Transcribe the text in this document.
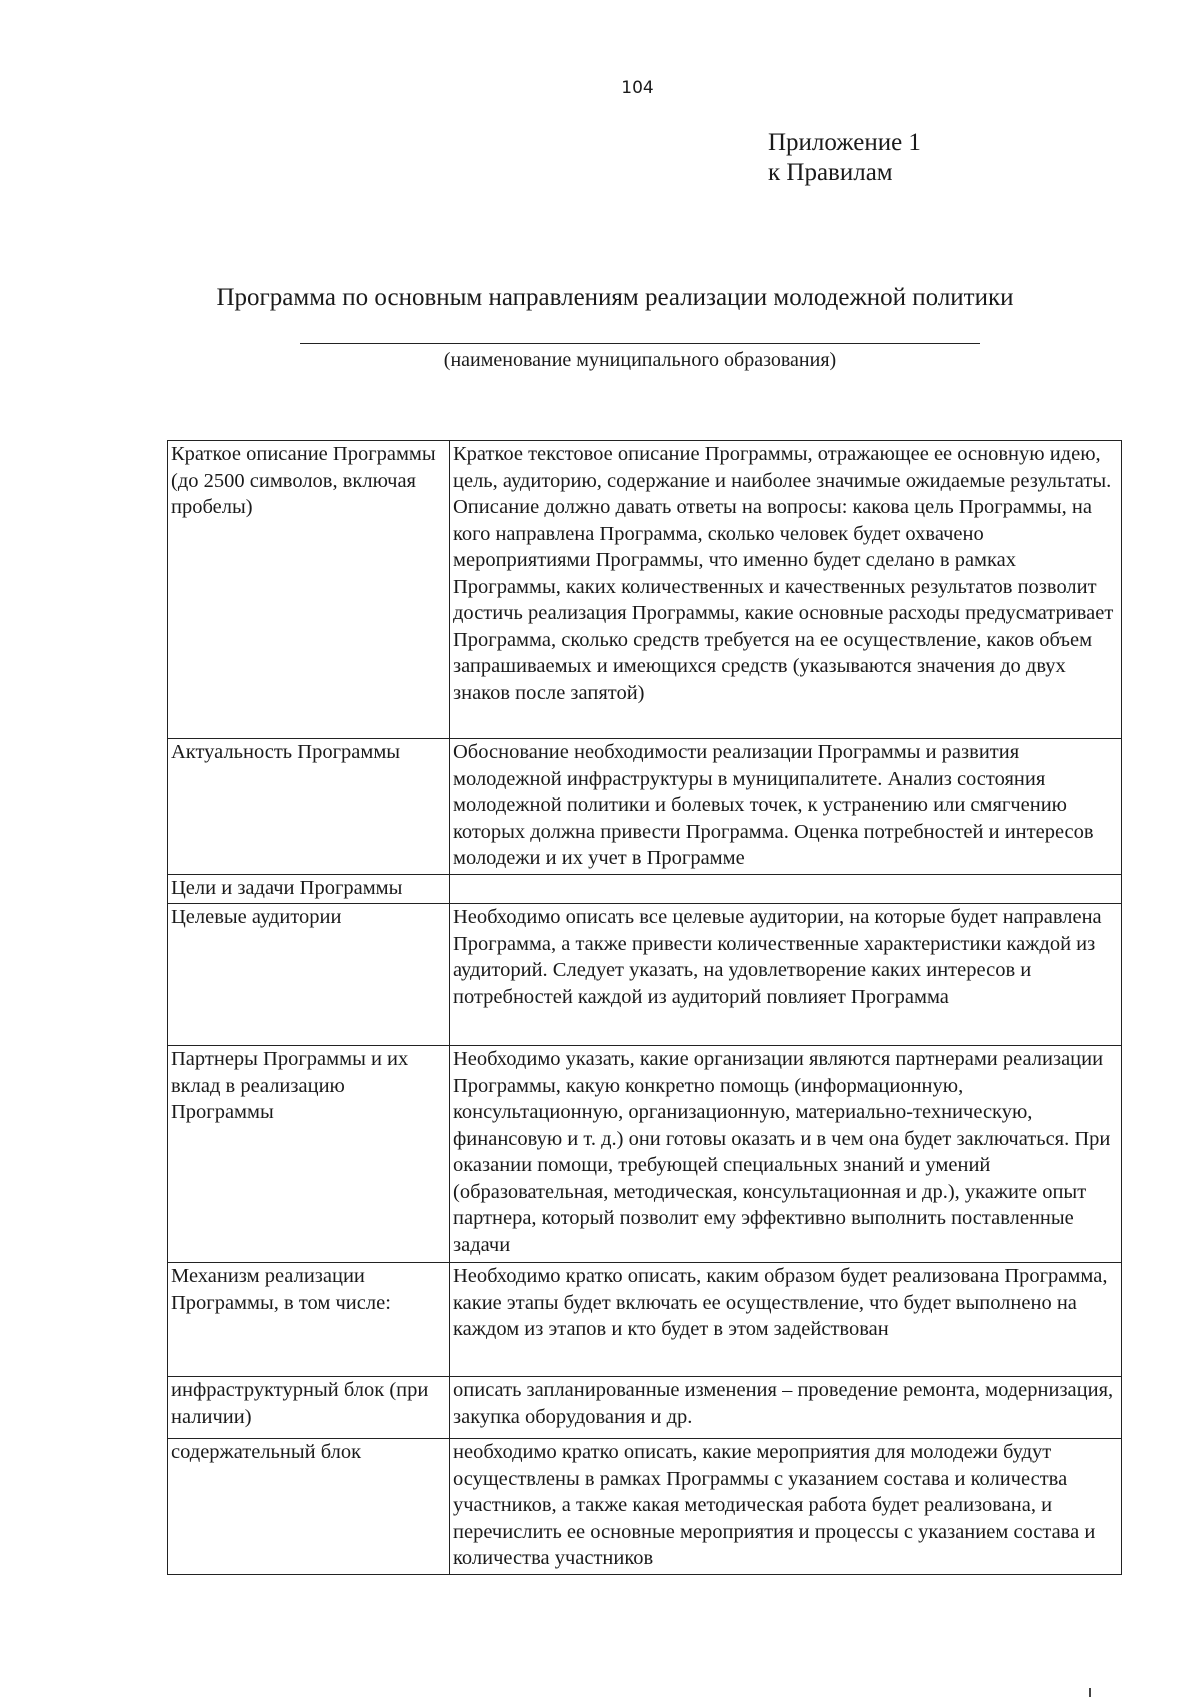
104
Приложение 1
к Правилам
Программа по основным направлениям реализации молодежной политики
(наименование муниципального образования)
Краткое описание Программы (до 2500 символов, включая пробелы)	Краткое текстовое описание Программы, отражающее ее основную идею, цель, аудиторию, содержание и наиболее значимые ожидаемые результаты. Описание должно давать ответы на вопросы: какова цель Программы, на кого направлена Программа, сколько человек будет охвачено мероприятиями Программы, что именно будет сделано в рамках Программы, каких количественных и качественных результатов позволит достичь реализация Программы, какие основные расходы предусматривает Программа, сколько средств требуется на ее осуществление, каков объем запрашиваемых и имеющихся средств (указываются значения до двух знаков после запятой)
Актуальность Программы	Обоснование необходимости реализации Программы и развития молодежной инфраструктуры в муниципалитете. Анализ состояния молодежной политики и болевых точек, к устранению или смягчению которых должна привести Программа. Оценка потребностей и интересов молодежи и их учет в Программе
Цели и задачи Программы	
Целевые аудитории	Необходимо описать все целевые аудитории, на которые будет направлена Программа, а также привести количественные характеристики каждой из аудиторий. Следует указать, на удовлетворение каких интересов и потребностей каждой из аудиторий повлияет Программа
Партнеры Программы и их вклад в реализацию Программы	Необходимо указать, какие организации являются партнерами реализации Программы, какую конкретно помощь (информационную, консультационную, организационную, материально-техническую, финансовую и т. д.) они готовы оказать и в чем она будет заключаться. При оказании помощи, требующей специальных знаний и умений (образовательная, методическая, консультационная и др.), укажите опыт партнера, который позволит ему эффективно выполнить поставленные задачи
Механизм реализации Программы, в том числе:	Необходимо кратко описать, каким образом будет реализована Программа, какие этапы будет включать ее осуществление, что будет выполнено на каждом из этапов и кто будет в этом задействован
инфраструктурный блок (при наличии)	описать запланированные изменения – проведение ремонта, модернизация, закупка оборудования и др.
содержательный блок	необходимо кратко описать, какие мероприятия для молодежи будут осуществлены в рамках Программы с указанием состава и количества участников, а также какая методическая работа будет реализована, и перечислить ее основные мероприятия и процессы с указанием состава и количества участников
